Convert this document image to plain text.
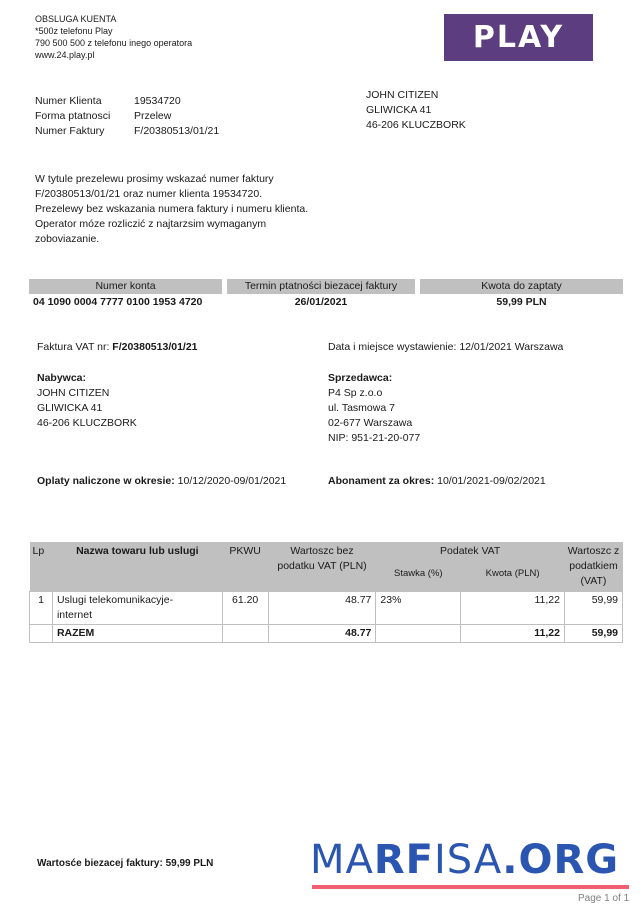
OBSLUGA KUENTA
*500z telefonu Play
790 500 500 z telefonu inego operatora
www.24.play.pl	PLAY
Numer Klienta	19534720
Forma ptatnosci	Przelew
Numer Faktury	F/20380513/01/21
JOHN CITIZEN
GLIWICKA 41
46-206 KLUCZBORK
W tytule prezelewu prosimy wskazać numer faktury
F/20380513/01/21 oraz numer klienta 19534720.
Prezelewy bez wskazania numera faktury i numeru klienta.
Operator móze rozliczić z najtarzsim wymaganym
zoboviazanie.
Numer konta	Termin ptatności biezacej faktury	Kwota do zaptaty
04 1090 0004 7777 0100 1953 4720	26/01/2021	59,99 PLN
Faktura VAT nr: F/20380513/01/21	Data i miejsce wystawienie: 12/01/2021 Warszawa
Nabywca:
JOHN CITIZEN
GLIWICKA 41
46-206 KLUCZBORK
Sprzedawca:
P4 Sp z.o.o
ul. Tasmowa 7
02-677 Warszawa
NIP: 951-21-20-077
Oplaty naliczone w okresie: 10/12/2020-09/01/2021	Abonament za okres: 10/01/2021-09/02/2021
Lp	Nazwa towaru lub uslugi	PKWU	Wartoszc bez
podatku VAT (PLN)
	Podatek VAT	Wartoszc z
podatkiem
(VAT)

				Stawka (%)	Kwota (PLN)	
1	Uslugi telekomunikacyje-
internet	61.20	48.77	23%	11,22	59,99
	RAZEM		48.77		11,22	59,99
Wartosće biezacej faktury: 59,99 PLN MARFISA.ORG
Page 1 of 1
